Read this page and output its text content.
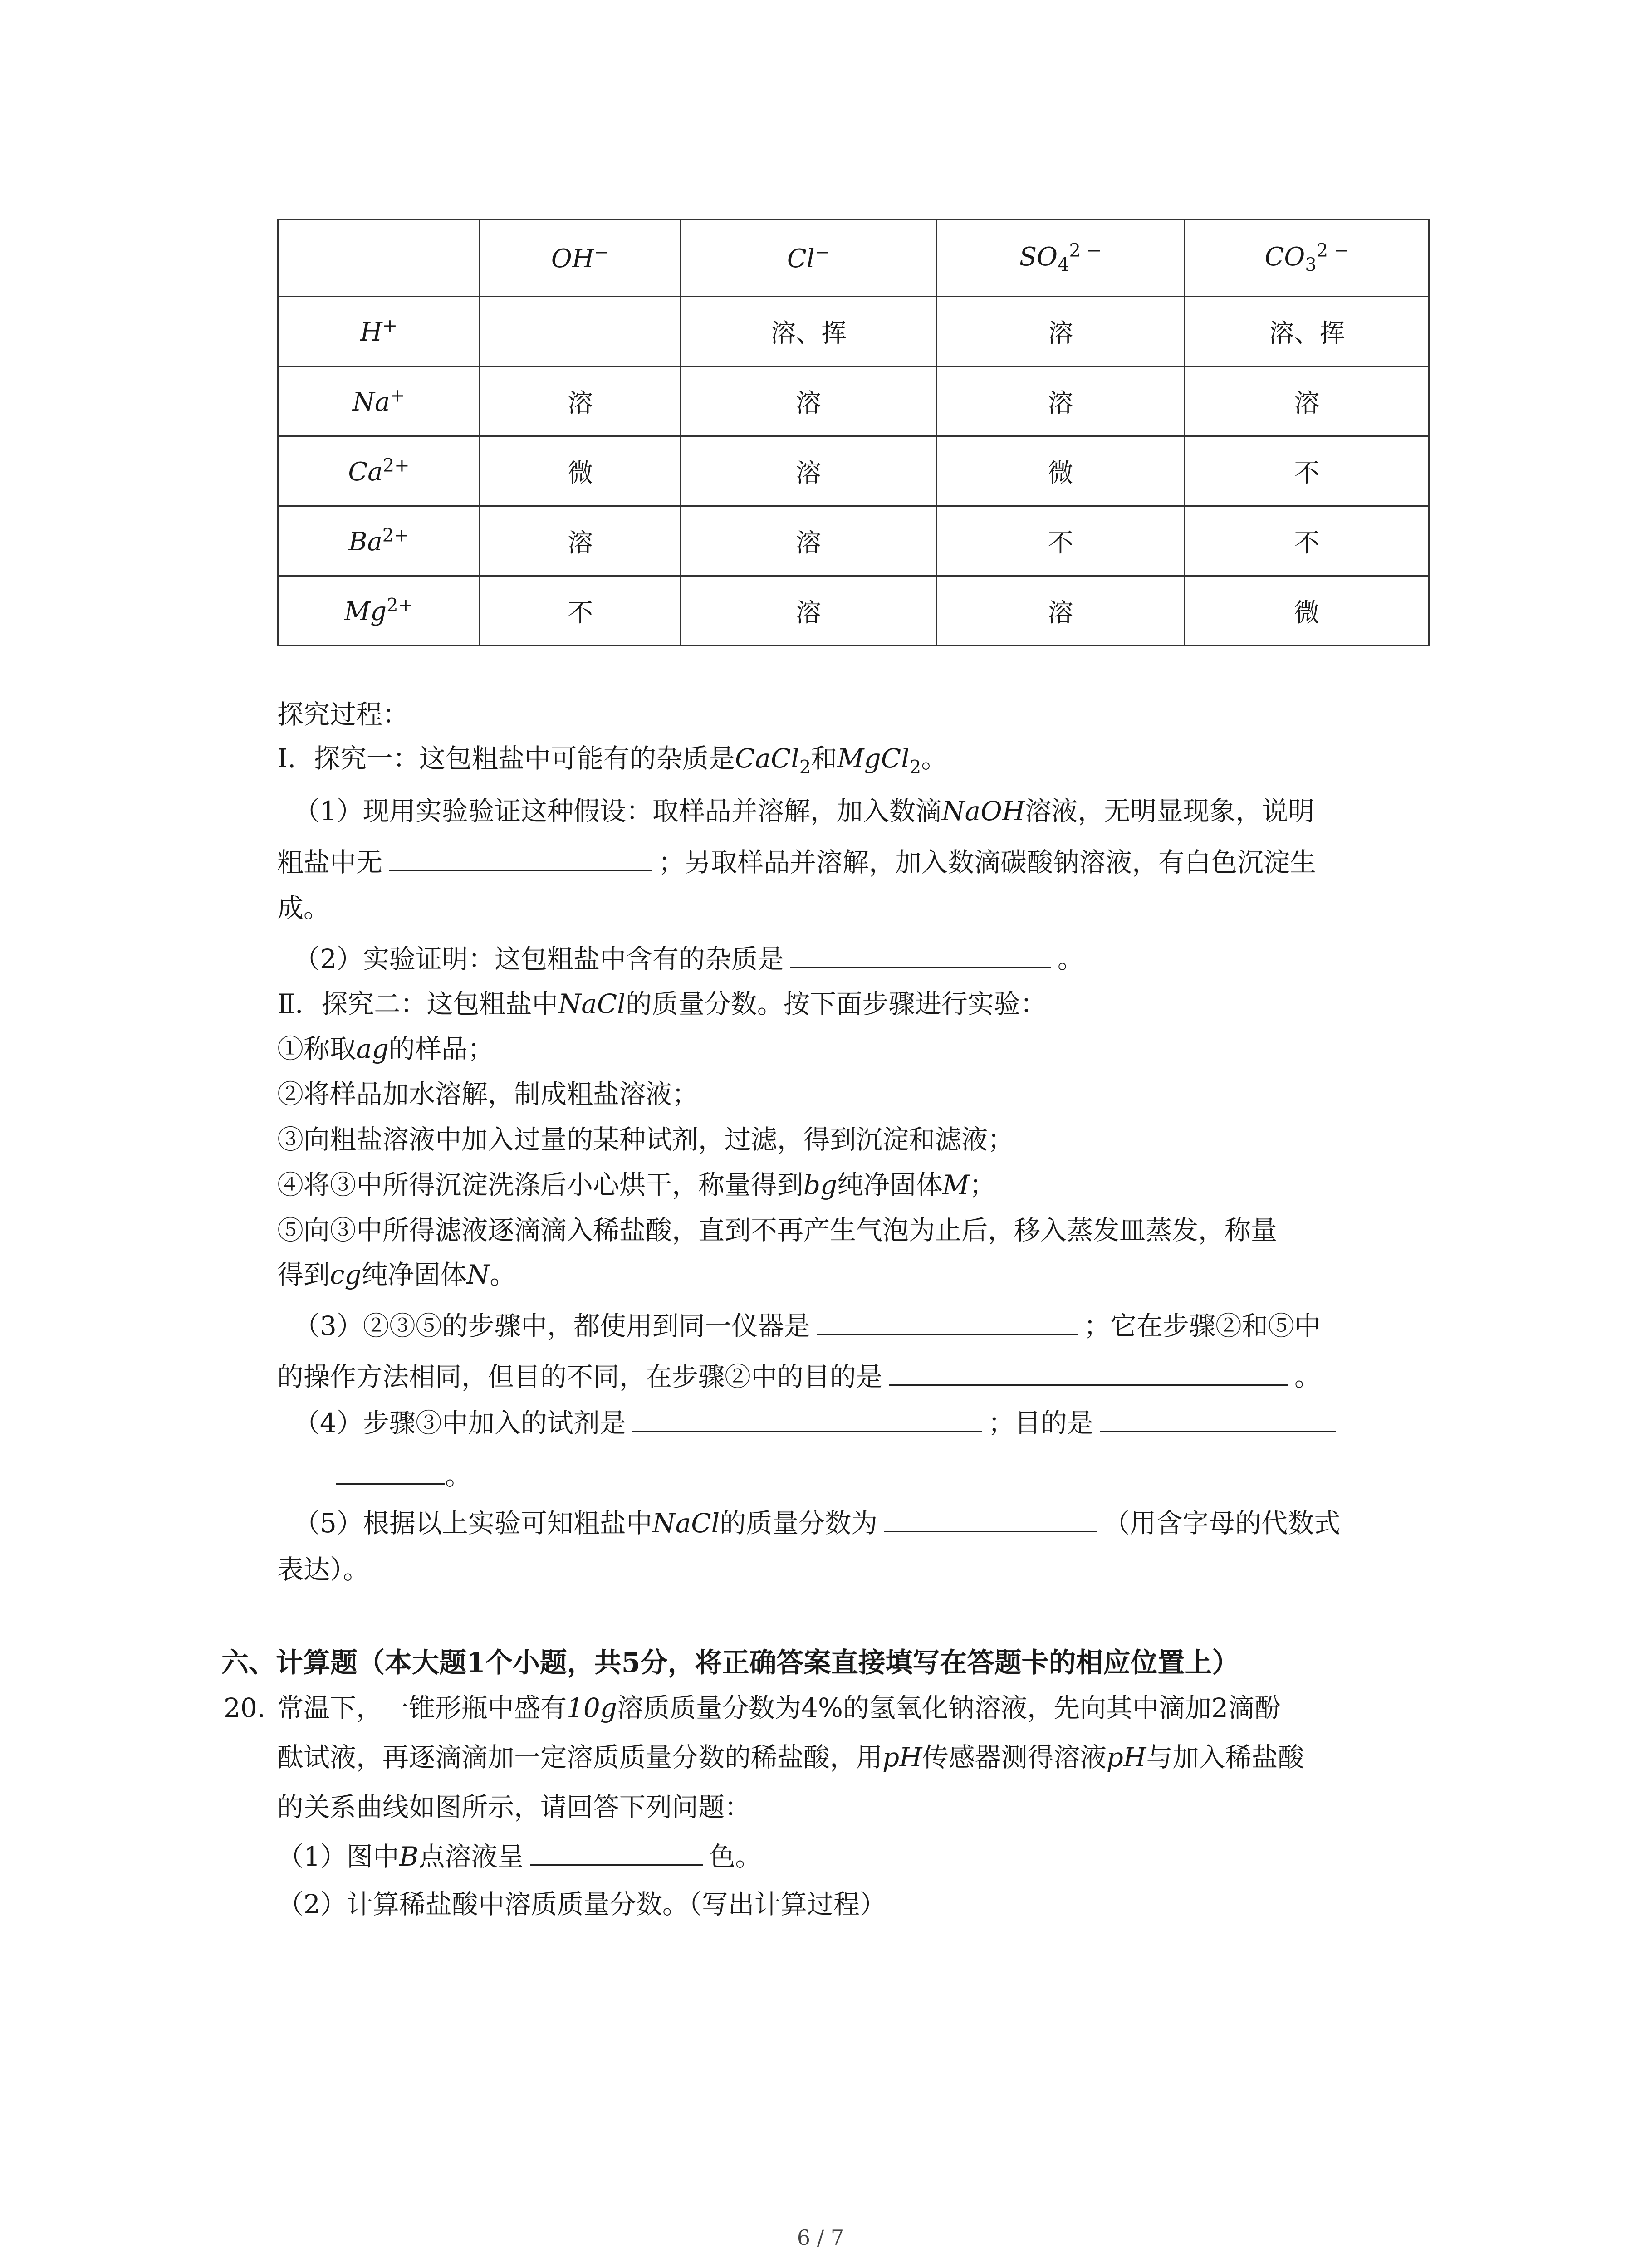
	OH−	Cl−	$SO_4^{2 -}$	$CO_3^{2 -}$
H+		溶、挥	溶	溶、挥
Na+	溶	溶	溶	溶
$Ca^{2+}$	微	溶	微	不
$Ba^{2+}$	溶	溶	不	不
$Mg^{2+}$	不	溶	溶	微
探究过程：
Ⅰ．探究一：这包粗盐中可能有的杂质是CaCl$_2$和MgCl$_2$。
（1）现用实验验证这种假设：取样品并溶解，加入数滴NaOH溶液，无明显现象，说明
粗盐中无	；另取样品并溶解，加入数滴碳酸钠溶液，有白色沉淀生
成。
（2）实验证明：这包粗盐中含有的杂质是	。
Ⅱ．探究二：这包粗盐中NaCl的质量分数。按下面步骤进行实验：
①称取ag的样品；
②将样品加水溶解，制成粗盐溶液；
③向粗盐溶液中加入过量的某种试剂，过滤，得到沉淀和滤液；
④将③中所得沉淀洗涤后小心烘干，称量得到bg纯净固体M；
⑤向③中所得滤液逐滴滴入稀盐酸，直到不再产生气泡为止后，移入蒸发皿蒸发，称量
得到cg纯净固体N。
（3）②③⑤的步骤中，都使用到同一仪器是	；它在步骤②和⑤中
的操作方法相同，但目的不同，在步骤②中的目的是	。
（4）步骤③中加入的试剂是	；目的是
。
（5）根据以上实验可知粗盐中NaCl的质量分数为	（用含字母的代数式
表达）。
六、计算题（本大题1个小题，共5分，将正确答案直接填写在答题卡的相应位置上）
20. 常温下，一锥形瓶中盛有10g溶质质量分数为4%的氢氧化钠溶液，先向其中滴加2滴酚
酞试液，再逐滴滴加一定溶质质量分数的稀盐酸，用pH传感器测得溶液pH与加入稀盐酸
的关系曲线如图所示，请回答下列问题：
（1）图中B点溶液呈	色。
（2）计算稀盐酸中溶质质量分数。（写出计算过程）
6 / 7
